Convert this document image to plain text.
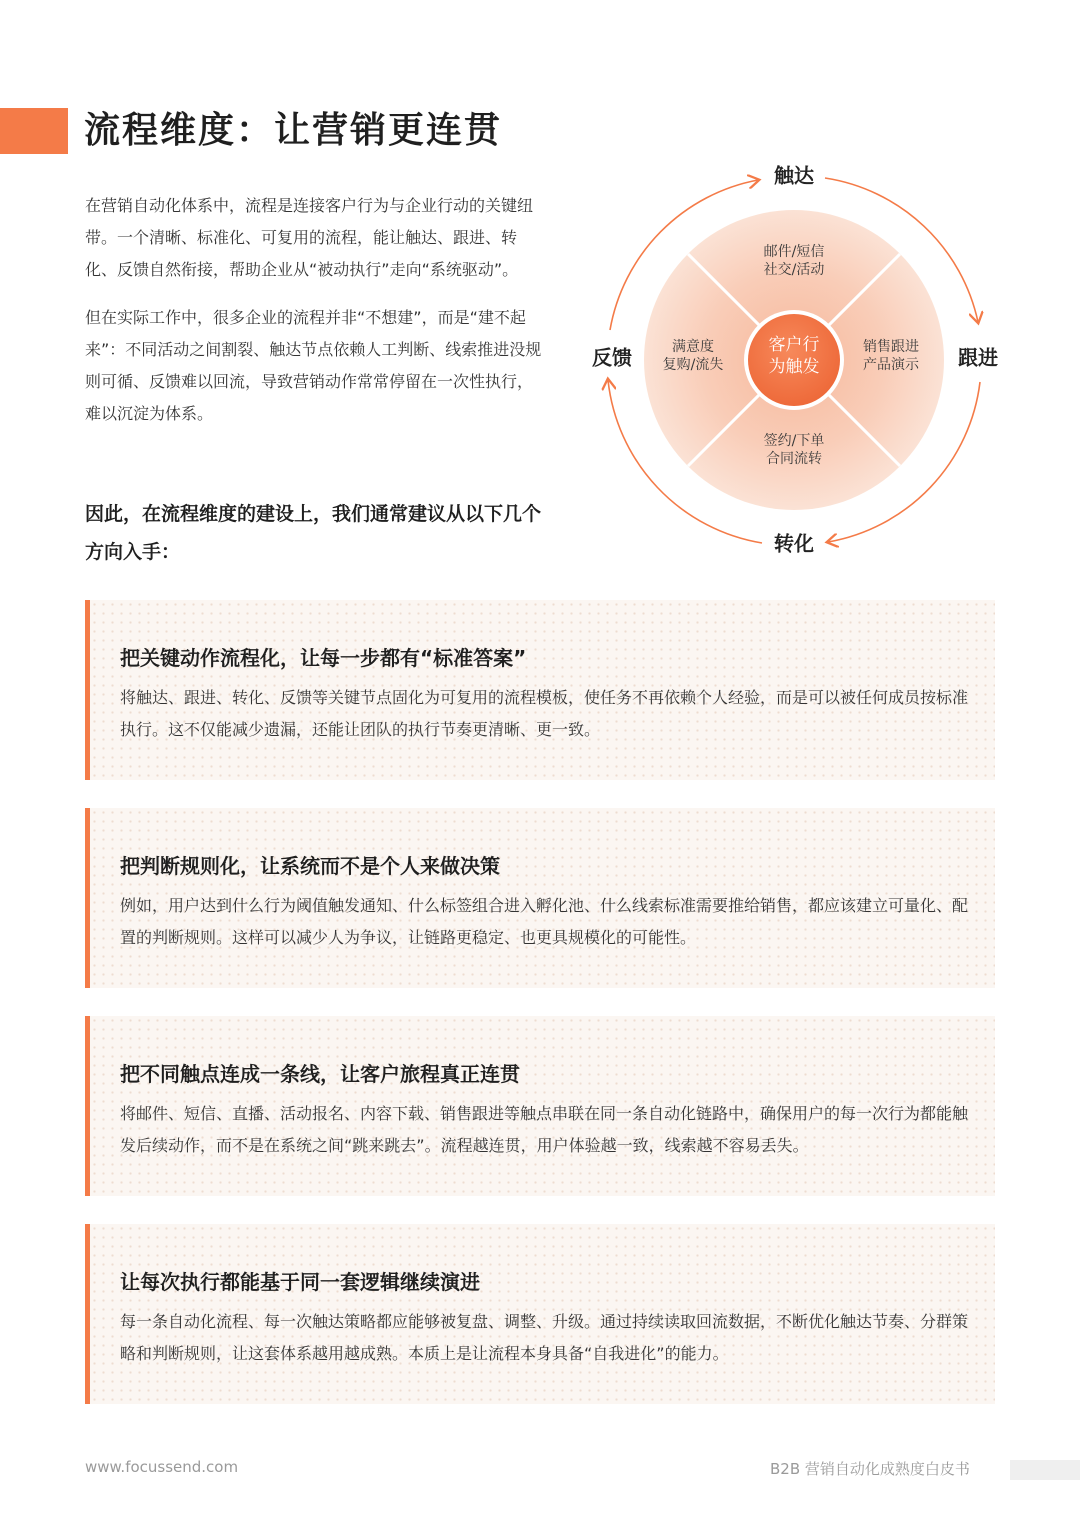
流程维度：让营销更连贯

在营销自动化体系中，流程是连接客户行为与企业行动的关键纽带。一个清晰、标准化、可复用的流程，能让触达、跟进、转化、反馈自然衔接，帮助企业从“被动执行”走向“系统驱动”。

但在实际工作中，很多企业的流程并非“不想建”，而是“建不起来”：不同活动之间割裂、触达节点依赖人工判断、线索推进没规则可循、反馈难以回流，导致营销动作常常停留在一次性执行，难以沉淀为体系。

因此，在流程维度的建设上，我们通常建议从以下几个方向入手：

触达
跟进
转化
反馈
邮件/短信
社交/活动
销售跟进
产品演示
签约/下单
合同流转
满意度
复购/流失
客户行
为触发
把关键动作流程化，让每一步都有“标准答案”

将触达、跟进、转化、反馈等关键节点固化为可复用的流程模板，使任务不再依赖个人经验，而是可以被任何成员按标准执行。这不仅能减少遗漏，还能让团队的执行节奏更清晰、更一致。

把判断规则化，让系统而不是个人来做决策

例如，用户达到什么行为阈值触发通知、什么标签组合进入孵化池、什么线索标准需要推给销售，都应该建立可量化、配置的判断规则。这样可以减少人为争议，让链路更稳定、也更具规模化的可能性。

把不同触点连成一条线，让客户旅程真正连贯

将邮件、短信、直播、活动报名、内容下载、销售跟进等触点串联在同一条自动化链路中，确保用户的每一次行为都能触发后续动作，而不是在系统之间“跳来跳去”。流程越连贯，用户体验越一致，线索越不容易丢失。

让每次执行都能基于同一套逻辑继续演进

每一条自动化流程、每一次触达策略都应能够被复盘、调整、升级。通过持续读取回流数据，不断优化触达节奏、分群策略和判断规则，让这套体系越用越成熟。本质上是让流程本身具备“自我进化”的能力。

www.focussend.com	B2B 营销自动化成熟度白皮书
